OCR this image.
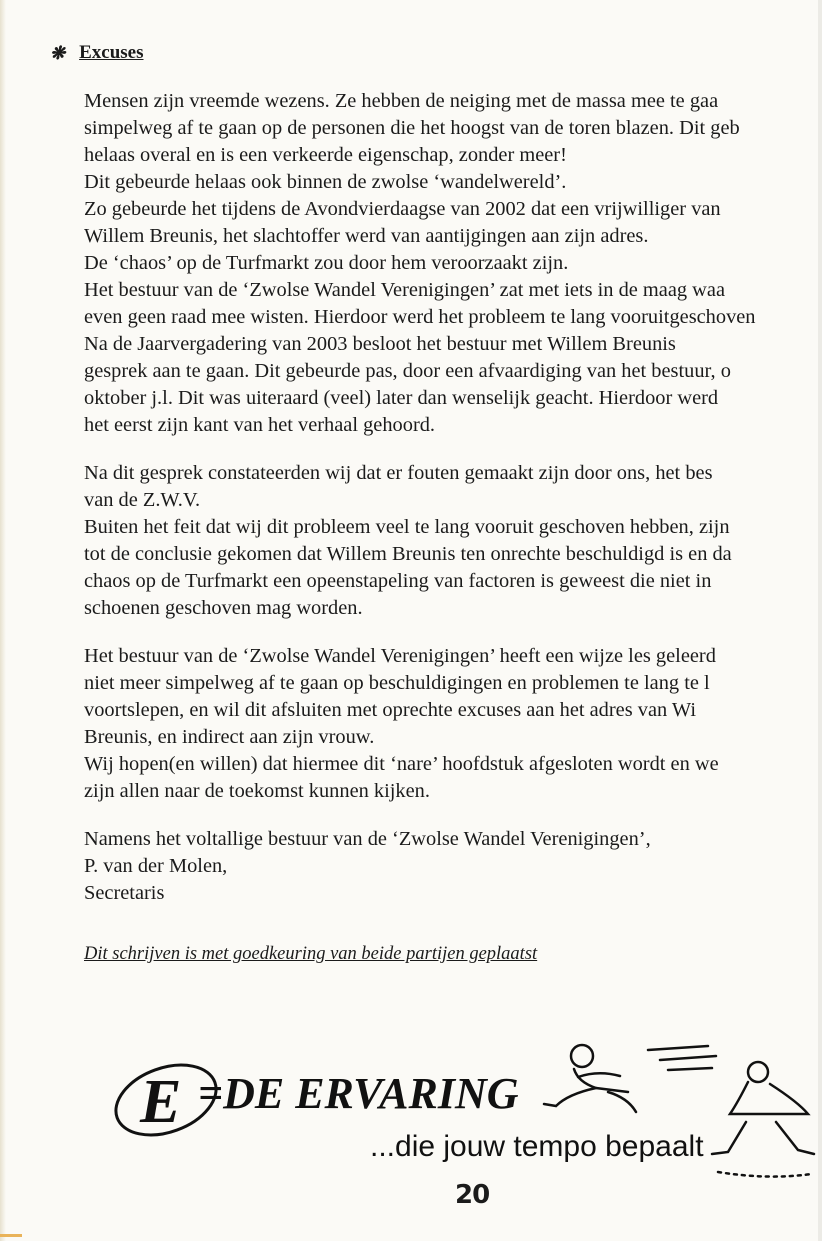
❋ Excuses
Mensen zijn vreemde wezens. Ze hebben de neiging met de massa mee te gaa
simpelweg af te gaan op de personen die het hoogst van de toren blazen. Dit geb
helaas overal en is een verkeerde eigenschap, zonder meer!
Dit gebeurde helaas ook binnen de zwolse ‘wandelwereld’.
Zo gebeurde het tijdens de Avondvierdaagse van 2002 dat een vrijwilliger van
Willem Breunis, het slachtoffer werd van aantijgingen aan zijn adres.
De ‘chaos’ op de Turfmarkt zou door hem veroorzaakt zijn.
Het bestuur van de ‘Zwolse Wandel Verenigingen’ zat met iets in de maag waa
even geen raad mee wisten. Hierdoor werd het probleem te lang vooruitgeschoven
Na de Jaarvergadering van 2003 besloot het bestuur met Willem Breunis
gesprek aan te gaan. Dit gebeurde pas, door een afvaardiging van het bestuur, o
oktober j.l. Dit was uiteraard (veel) later dan wenselijk geacht. Hierdoor werd
het eerst zijn kant van het verhaal gehoord.
Na dit gesprek constateerden wij dat er fouten gemaakt zijn door ons, het bes
van de Z.W.V.
Buiten het feit dat wij dit probleem veel te lang vooruit geschoven hebben, zijn
tot de conclusie gekomen dat Willem Breunis ten onrechte beschuldigd is en da
chaos op de Turfmarkt een opeenstapeling van factoren is geweest die niet in
schoenen geschoven mag worden.
Het bestuur van de ‘Zwolse Wandel Verenigingen’ heeft een wijze les geleerd
niet meer simpelweg af te gaan op beschuldigingen en problemen te lang te l
voortslepen, en wil dit afsluiten met oprechte excuses aan het adres van Wi
Breunis, en indirect aan zijn vrouw.
Wij hopen(en willen) dat hiermee dit ‘nare’ hoofdstuk afgesloten wordt en we
zijn allen naar de toekomst kunnen kijken.
Namens het voltallige bestuur van de ‘Zwolse Wandel Verenigingen’,
P. van der Molen,
Secretaris
Dit schrijven is met goedkeuring van beide partijen geplaatst
E =DE ERVARING
...die jouw tempo bepaalt
20
